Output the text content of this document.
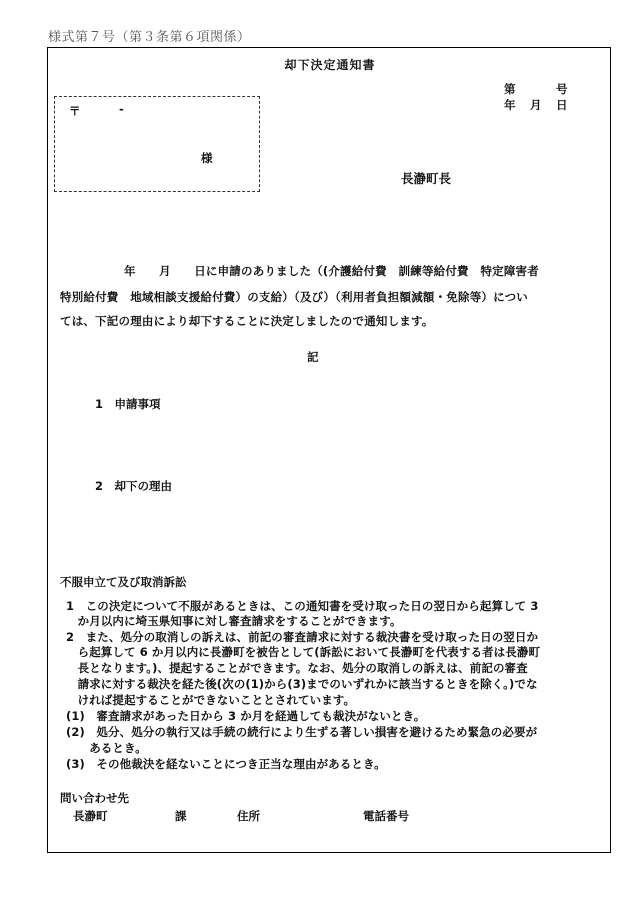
様式第７号（第３条第６項関係）
却下決定通知書
第	号
年 月 日
〒	-
様
長瀞町長
年　　月　　日に申請のありました（(介護給付費　訓練等給付費　特定障害者
特別給付費　地域相談支援給付費）の支給）（及び）（利用者負担額減額・免除等）につい
ては、下記の理由により却下することに決定しましたので通知します。
記
1　申請事項
2　却下の理由
不服申立て及び取消訴訟
1　この決定について不服があるときは、この通知書を受け取った日の翌日から起算して 3
　か月以内に埼玉県知事に対し審査請求をすることができます。
2　また、処分の取消しの訴えは、前記の審査請求に対する裁決書を受け取った日の翌日か
　ら起算して 6 か月以内に長瀞町を被告として(訴訟において長瀞町を代表する者は長瀞町
　長となります。)、提起することができます。なお、処分の取消しの訴えは、前記の審査
　請求に対する裁決を経た後(次の(1)から(3)までのいずれかに該当するときを除く。)でな
　ければ提起することができないこととされています。
(1)　審査請求があった日から 3 か月を経過しても裁決がないとき。
(2)　処分、処分の執行又は手続の続行により生ずる著しい損害を避けるため緊急の必要が
　　あるとき。
(3)　その他裁決を経ないことにつき正当な理由があるとき。
問い合わせ先
長瀞町	課	住所	電話番号
